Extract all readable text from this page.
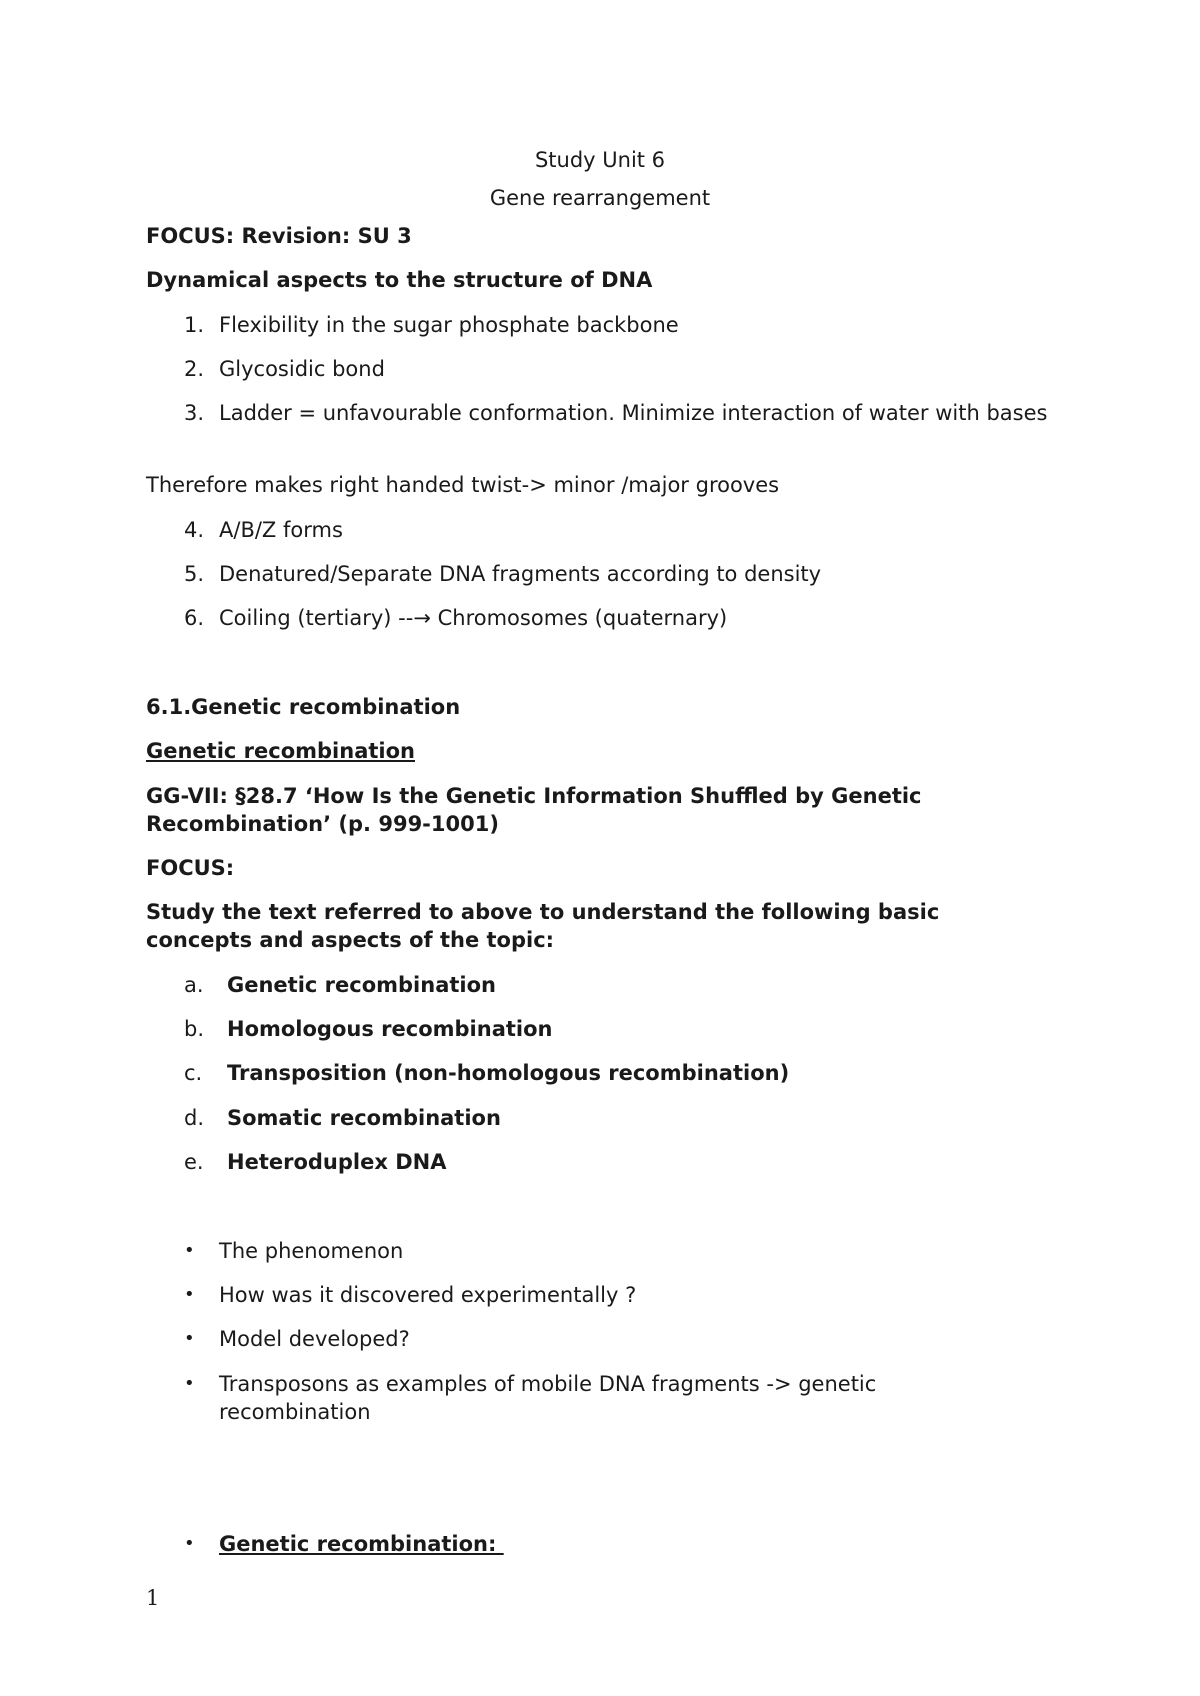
Study Unit 6
Gene rearrangement
FOCUS: Revision: SU 3
Dynamical aspects to the structure of DNA
1. Flexibility in the sugar phosphate backbone
2. Glycosidic bond
3. Ladder = unfavourable conformation. Minimize interaction of water with bases
Therefore makes right handed twist-> minor /major grooves
4. A/B/Z forms
5. Denatured/Separate DNA fragments according to density
6. Coiling (tertiary) --→ Chromosomes (quaternary)
6.1.Genetic recombination
Genetic recombination
GG-VII: §28.7 ‘How Is the Genetic Information Shuffled by Genetic Recombination’ (p. 999-1001)
FOCUS:
Study the text referred to above to understand the following basic concepts and aspects of the topic:
a. Genetic recombination
b. Homologous recombination
c. Transposition (non-homologous recombination)
d. Somatic recombination
e. Heteroduplex DNA
• The phenomenon
• How was it discovered experimentally ?
• Model developed?
• Transposons as examples of mobile DNA fragments -> genetic recombination
• Genetic recombination:
1
